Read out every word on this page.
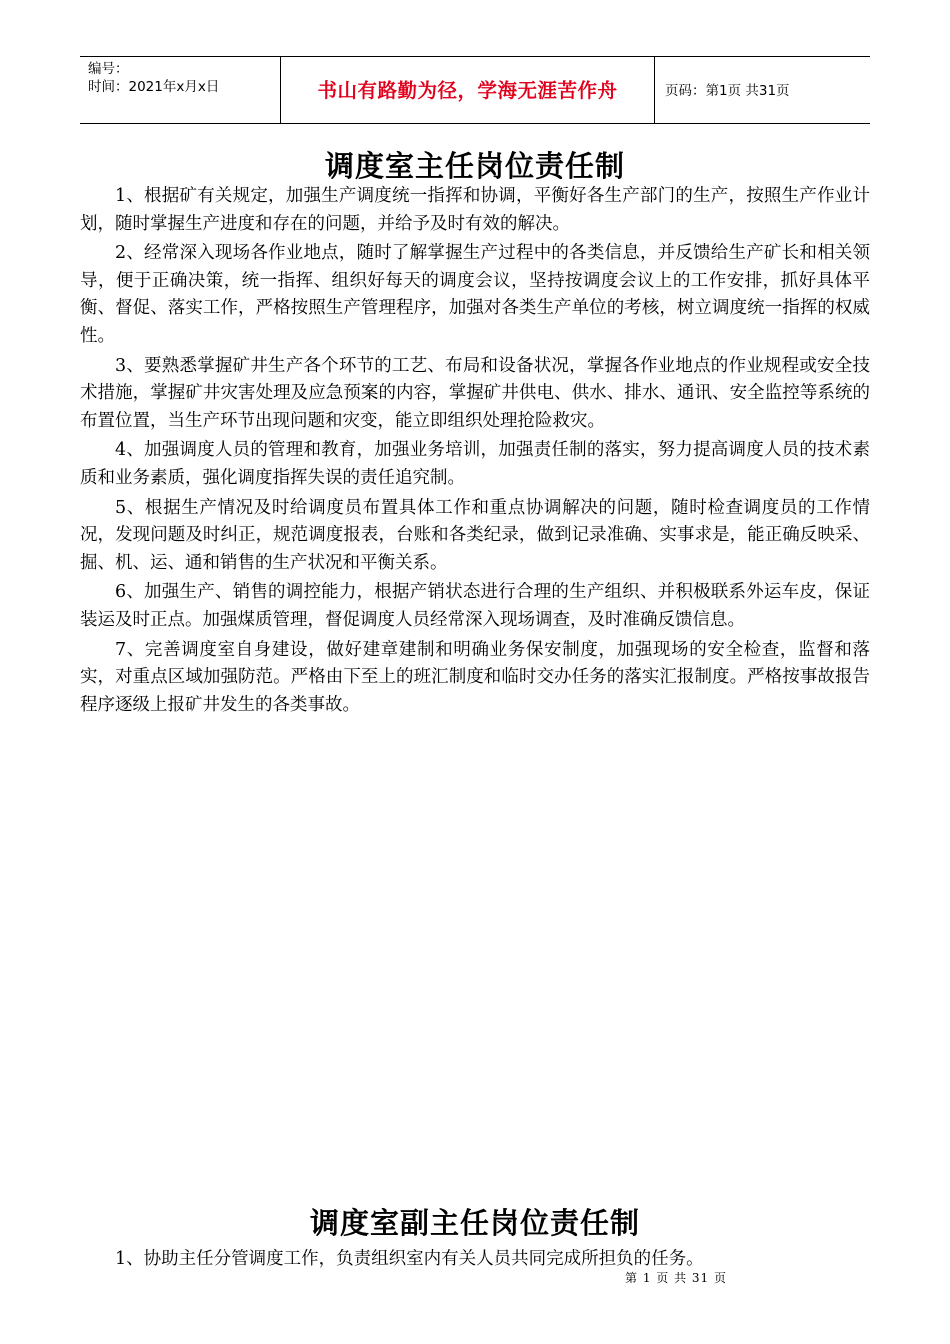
编号：
时间：2021年x月x日	书山有路勤为径，学海无涯苦作舟	页码：第1页 共31页
调度室主任岗位责任制

1、根据矿有关规定，加强生产调度统一指挥和协调，平衡好各生产部门的生产，按照生产作业计划，随时掌握生产进度和存在的问题，并给予及时有效的解决。

2、经常深入现场各作业地点，随时了解掌握生产过程中的各类信息，并反馈给生产矿长和相关领导，便于正确决策，统一指挥、组织好每天的调度会议，坚持按调度会议上的工作安排，抓好具体平衡、督促、落实工作，严格按照生产管理程序，加强对各类生产单位的考核，树立调度统一指挥的权威性。

3、要熟悉掌握矿井生产各个环节的工艺、布局和设备状况，掌握各作业地点的作业规程或安全技术措施，掌握矿井灾害处理及应急预案的内容，掌握矿井供电、供水、排水、通讯、安全监控等系统的布置位置，当生产环节出现问题和灾变，能立即组织处理抢险救灾。

4、加强调度人员的管理和教育，加强业务培训，加强责任制的落实，努力提高调度人员的技术素质和业务素质，强化调度指挥失误的责任追究制。

5、根据生产情况及时给调度员布置具体工作和重点协调解决的问题，随时检查调度员的工作情况，发现问题及时纠正，规范调度报表，台账和各类纪录，做到记录准确、实事求是，能正确反映采、掘、机、运、通和销售的生产状况和平衡关系。

6、加强生产、销售的调控能力，根据产销状态进行合理的生产组织、并积极联系外运车皮，保证装运及时正点。加强煤质管理，督促调度人员经常深入现场调查，及时准确反馈信息。

7、完善调度室自身建设，做好建章建制和明确业务保安制度，加强现场的安全检查，监督和落实，对重点区域加强防范。严格由下至上的班汇制度和临时交办任务的落实汇报制度。严格按事故报告程序逐级上报矿井发生的各类事故。

调度室副主任岗位责任制

1、协助主任分管调度工作，负责组织室内有关人员共同完成所担负的任务。

第 1 页 共 31 页
